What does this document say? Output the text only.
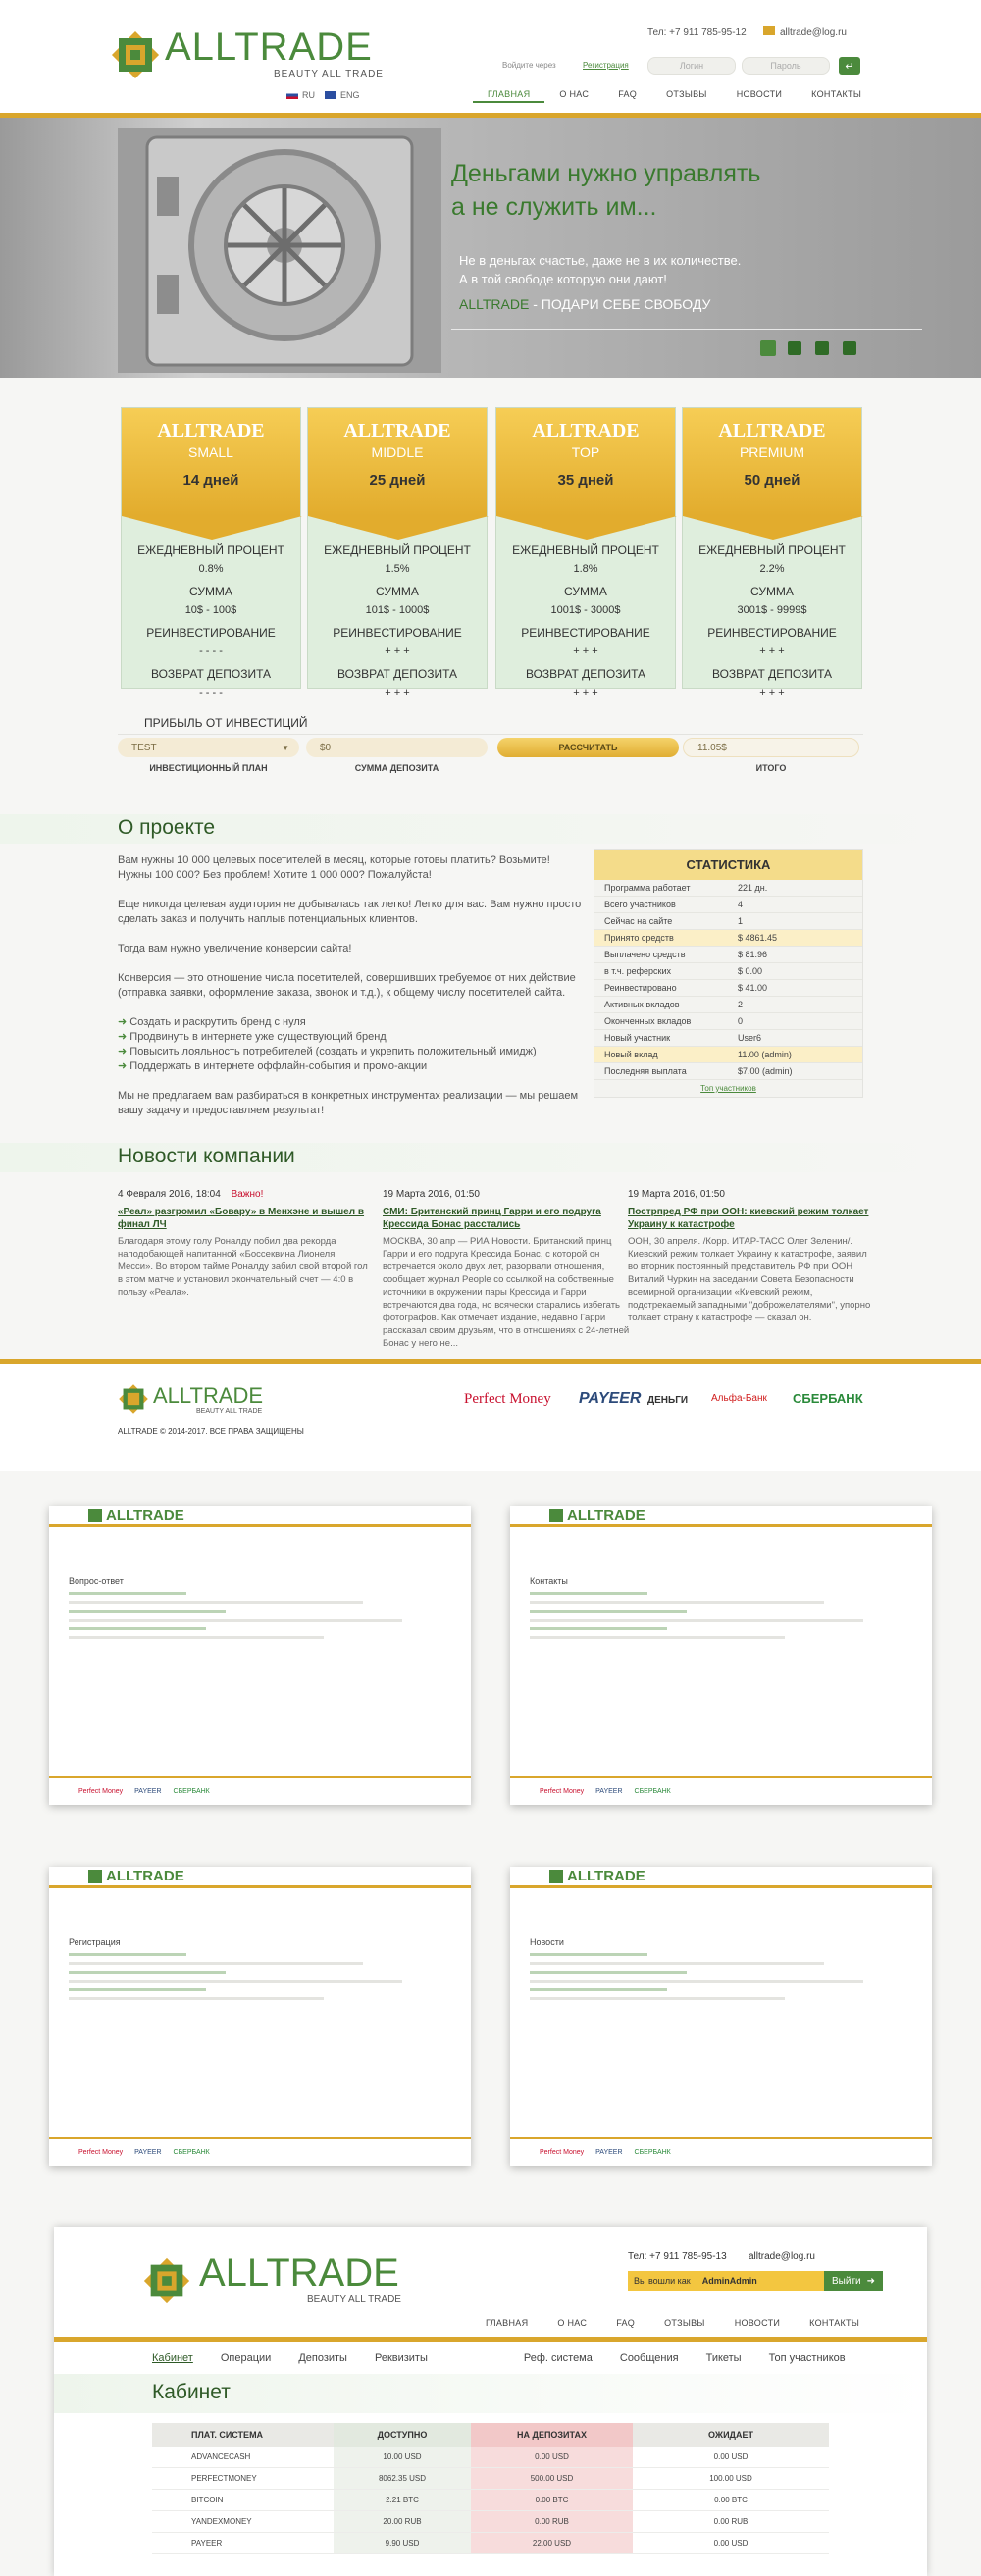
ALLTRADE
BEAUTY ALL TRADE
RU	ENG
Тел: +7 911 785-95-12	alltrade@log.ru
Войдите через	Регистрация	Логин	Пароль	↵
ГЛАВНАЯ	О НАС	FAQ	ОТЗЫВЫ	НОВОСТИ	КОНТАКТЫ
Деньгами нужно управлять
а не служить им...

Не в деньгах счастье, даже не в их количестве.

А в той свободе которую они дают!

ALLTRADE - ПОДАРИ СЕБЕ СВОБОДУ
ALLTRADE
SMALL
14 дней
ЕЖЕДНЕВНЫЙ ПРОЦЕНТ
0.8%
СУММА
10$ - 100$
РЕИНВЕСТИРОВАНИЕ
- - - -
ВОЗВРАТ ДЕПОЗИТА
- - - -
ALLTRADE
MIDDLE
25 дней
ЕЖЕДНЕВНЫЙ ПРОЦЕНТ
1.5%
СУММА
101$ - 1000$
РЕИНВЕСТИРОВАНИЕ
+ + +
ВОЗВРАТ ДЕПОЗИТА
+ + +
ALLTRADE
TOP
35 дней
ЕЖЕДНЕВНЫЙ ПРОЦЕНТ
1.8%
СУММА
1001$ - 3000$
РЕИНВЕСТИРОВАНИЕ
+ + +
ВОЗВРАТ ДЕПОЗИТА
+ + +
ALLTRADE
PREMIUM
50 дней
ЕЖЕДНЕВНЫЙ ПРОЦЕНТ
2.2%
СУММА
3001$ - 9999$
РЕИНВЕСТИРОВАНИЕ
+ + +
ВОЗВРАТ ДЕПОЗИТА
+ + +
ПРИБЫЛЬ ОТ ИНВЕСТИЦИЙ
TEST	▼	$0	РАССЧИТАТЬ	11.05$
ИНВЕСТИЦИОННЫЙ ПЛАН	СУММА ДЕПОЗИТА	ИТОГО
О проекте

Вам нужны 10 000 целевых посетителей в месяц, которые готовы платить? Возьмите! Нужны 100 000? Без проблем! Хотите 1 000 000? Пожалуйста!

Еще никогда целевая аудитория не добывалась так легко! Легко для вас. Вам нужно просто сделать заказ и получить наплыв потенциальных клиентов.

Тогда вам нужно увеличение конверсии сайта!

Конверсия — это отношение числа посетителей, совершивших требуемое от них действие (отправка заявки, оформление заказа, звонок и т.д.), к общему числу посетителей сайта.

➜ Создать и раскрутить бренд с нуля
➜ Продвинуть в интернете уже существующий бренд
➜ Повысить лояльность потребителей (создать и укрепить положительный имидж)
➜ Поддержать в интернете оффлайн-события и промо-акции

Мы не предлагаем вам разбираться в конкретных инструментах реализации — мы решаем вашу задачу и предоставляем результат!

СТАТИСТИКА
Программа работает	221 дн.
Всего участников	4
Сейчас на сайте	1
Принято средств	$ 4861.45
Выплачено средств	$ 81.96
в т.ч. реферских	$ 0.00
Реинвестировано	$ 41.00
Активных вкладов	2
Оконченных вкладов	0
Новый участник	User6
Новый вклад	11.00 (admin)
Последняя выплата	$7.00 (admin)
Топ участников
Новости компании
4 Февраля 2016, 18:04 Важно!
«Реал» разгромил «Бовару» в Менхэне и вышел в финал ЛЧ
Благодаря этому голу Роналду побил два рекорда наподобающей напитанной «Боссеквина Лионеля Месси». Во втором тайме Роналду забил свой второй гол в этом матче и установил окончательный счет — 4:0 в пользу «Реала».
19 Марта 2016, 01:50
СМИ: Британский принц Гарри и его подруга Крессида Бонас расстались
МОСКВА, 30 апр — РИА Новости. Британский принц Гарри и его подруга Крессида Бонас, с которой он встречается около двух лет, разорвали отношения, сообщает журнал People со ссылкой на собственные источники в окружении пары Крессида и Гарри встречаются два года, но всячески старались избегать фотографов. Как отмечает издание, недавно Гарри рассказал своим друзьям, что в отношениях с 24-летней Бонас у него не...
19 Марта 2016, 01:50
Пострпред РФ при ООН: киевский режим толкает Украину к катастрофе
ООН, 30 апреля. /Корр. ИТАР-ТАСС Олег Зеленин/. Киевский режим толкает Украину к катастрофе, заявил во вторник постоянный представитель РФ при ООН Виталий Чуркин на заседании Совета Безопасности всемирной организации «Киевский режим, подстрекаемый западными "доброжелателями", упорно толкает страну к катастрофе — сказал он.
ALLTRADE
BEAUTY ALL TRADE
ALLTRADE © 2014-2017. ВСЕ ПРАВА ЗАЩИЩЕНЫ
Perfect Money PAYEER ДЕНЬГИ Альфа-Банк СБЕРБАНК
ALLTRADE
Вопрос-ответ
Perfect Money PAYEER СБЕРБАНК
ALLTRADE
Контакты
Perfect Money PAYEER СБЕРБАНК
ALLTRADE
Регистрация
Perfect Money PAYEER СБЕРБАНК
ALLTRADE
Новости
Perfect Money PAYEER СБЕРБАНК
ALLTRADE
BEAUTY ALL TRADE
Тел: +7 911 785-95-13 alltrade@log.ru
Вы вошли как AdminAdmin	Выйти ➜
ГЛАВНАЯ	О НАС	FAQ	ОТЗЫВЫ	НОВОСТИ	КОНТАКТЫ
Кабинет	Операции	Депозиты	Реквизиты	Реф. система	Сообщения	Тикеты	Топ участников
Кабинет
ПЛАТ. СИСТЕМА	ДОСТУПНО	НА ДЕПОЗИТАХ	ОЖИДАЕТ
ADVANCECASH	10.00 USD	0.00 USD	0.00 USD
PERFECTMONEY	8062.35 USD	500.00 USD	100.00 USD
BITCOIN	2.21 BTC	0.00 BTC	0.00 BTC
YANDEXMONEY	20.00 RUB	0.00 RUB	0.00 RUB
PAYEER	9.90 USD	22.00 USD	0.00 USD
